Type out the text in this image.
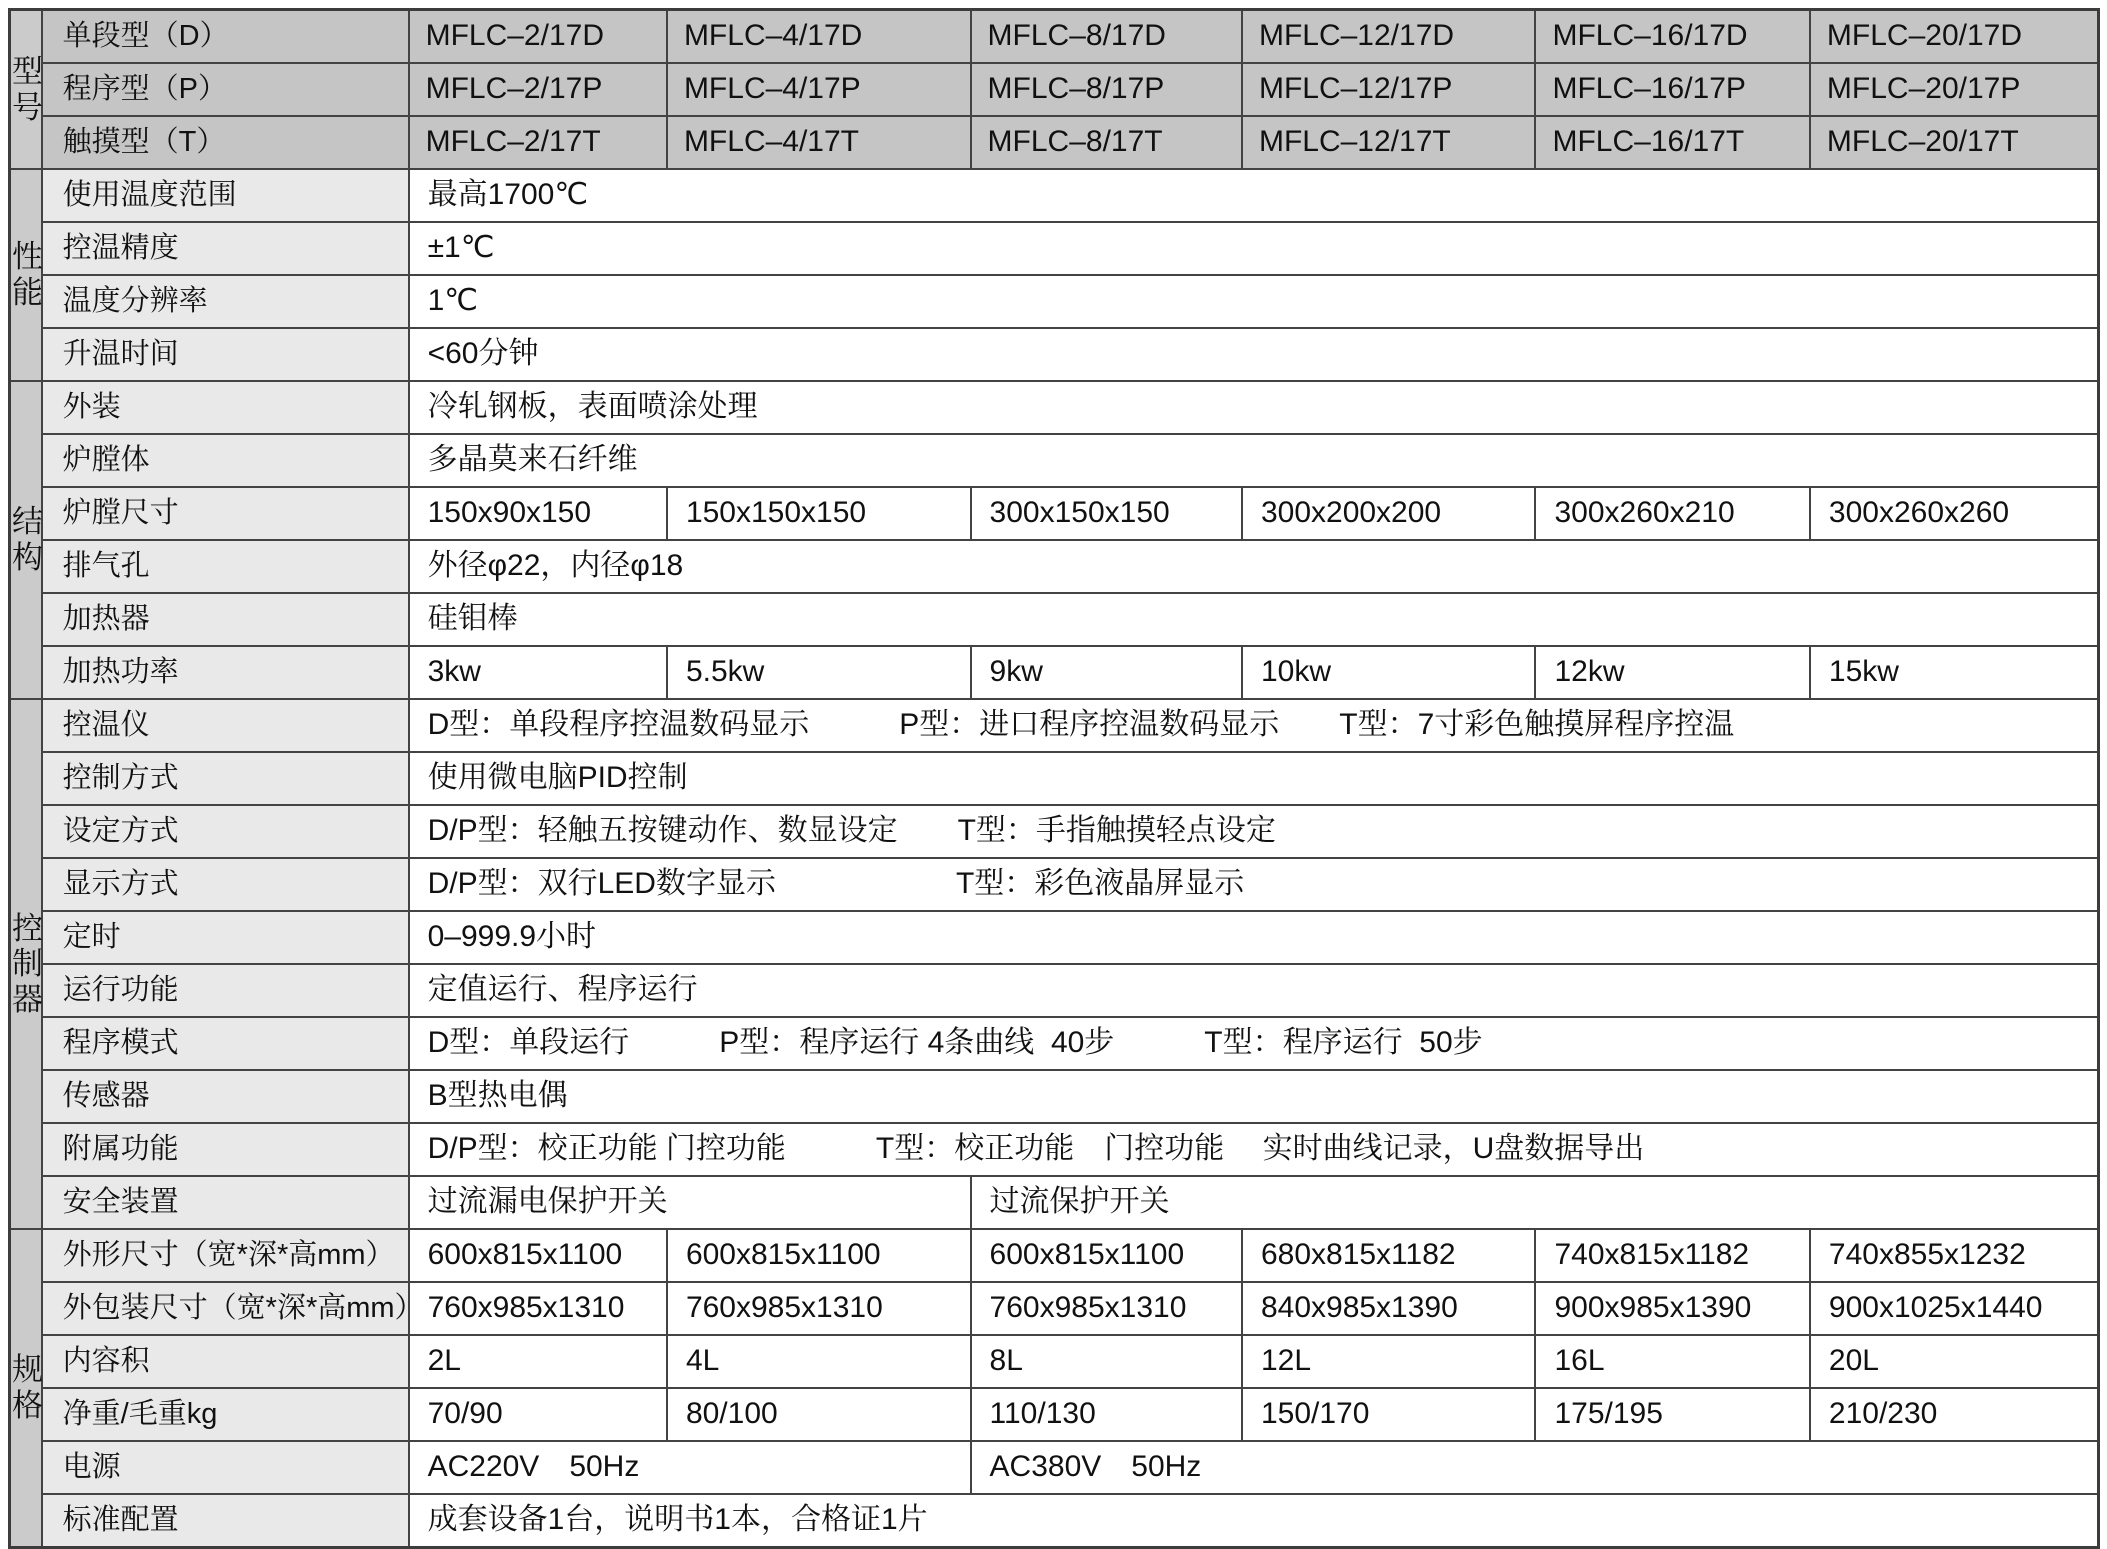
型号	单段型（D）	MFLC–2/17D	MFLC–4/17D	MFLC–8/17D	MFLC–12/17D	MFLC–16/17D	MFLC–20/17D
	程序型（P）	MFLC–2/17P	MFLC–4/17P	MFLC–8/17P	MFLC–12/17P	MFLC–16/17P	MFLC–20/17P
	触摸型（T）	MFLC–2/17T	MFLC–4/17T	MFLC–8/17T	MFLC–12/17T	MFLC–16/17T	MFLC–20/17T
性能	使用温度范围	最高1700℃					
	控温精度	±1℃					
	温度分辨率	1℃					
	升温时间	<60分钟					
结构	外装	冷轧钢板，表面喷涂处理					
	炉膛体	多晶莫来石纤维					
	炉膛尺寸	150x90x150	150x150x150	300x150x150	300x200x200	300x260x210	300x260x260
	排气孔	外径φ22，内径φ18					
	加热器	硅钼棒					
	加热功率	3kw	5.5kw	9kw	10kw	12kw	15kw
控制器	控温仪	D型：单段程序控温数码显示　　　P型：进口程序控温数码显示　　T型：7寸彩色触摸屏程序控温					
	控制方式	使用微电脑PID控制					
	设定方式	D/P型：轻触五按键动作、数显设定　　T型：手指触摸轻点设定					
	显示方式	D/P型：双行LED数字显示　　　　　　T型：彩色液晶屏显示					
	定时	0–999.9小时					
	运行功能	定值运行、程序运行					
	程序模式	D型：单段运行　　　P型：程序运行 4条曲线  40步　　　T型：程序运行  50步					
	传感器	B型热电偶					
	附属功能	D/P型：校正功能 门控功能　　　T型：校正功能　门控功能　 实时曲线记录，U盘数据导出					
	安全装置	过流漏电保护开关		过流保护开关			
规格	外形尺寸（宽*深*高mm）	600x815x1100	600x815x1100	600x815x1100	680x815x1182	740x815x1182	740x855x1232
	外包装尺寸（宽*深*高mm）	760x985x1310	760x985x1310	760x985x1310	840x985x1390	900x985x1390	900x1025x1440
	内容积	2L	4L	8L	12L	16L	20L
	净重/毛重kg	70/90	80/100	110/130	150/170	175/195	210/230
	电源	AC220V　50Hz		AC380V　50Hz			
	标准配置	成套设备1台，说明书1本，合格证1片					
